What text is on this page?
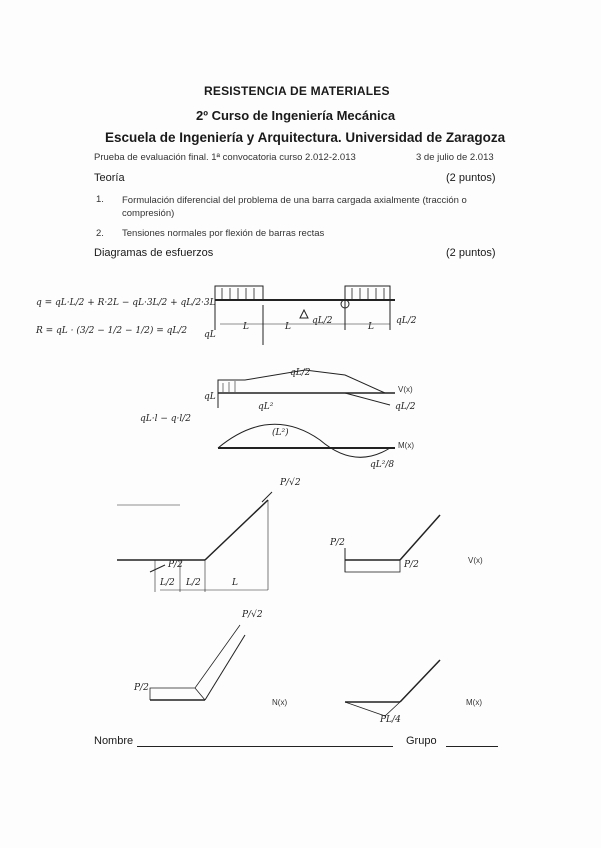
RESISTENCIA DE MATERIALES
2º Curso de Ingeniería Mecánica
Escuela de Ingeniería y Arquitectura. Universidad de Zaragoza
Prueba de evaluación final. 1ª convocatoria curso 2.012-2.013	3 de julio de 2.013
Teoría	(2 puntos)
1. Formulación diferencial del problema de una barra cargada axialmente (tracción o compresión)
2. Tensiones normales por flexión de barras rectas
Diagramas de esfuerzos	(2 puntos)
q = qL·L/2 + R·2L − qL·3L/2 + qL/2·3L
R = qL · (3/2 − 1/2 − 1/2) = qL/2 qL
qL/2	qL/2
L	L	L
qL
qL/2
qL/2
V(x)
M(x)
qL²
qL²/8
qL·l − q·l/2
(L²)
P/√2
P/2
L/2 L/2	L
V(x)
P/2
P/2
N(x)
P/√2
P/2
M(x)
PL/4
Nombre	Grupo
